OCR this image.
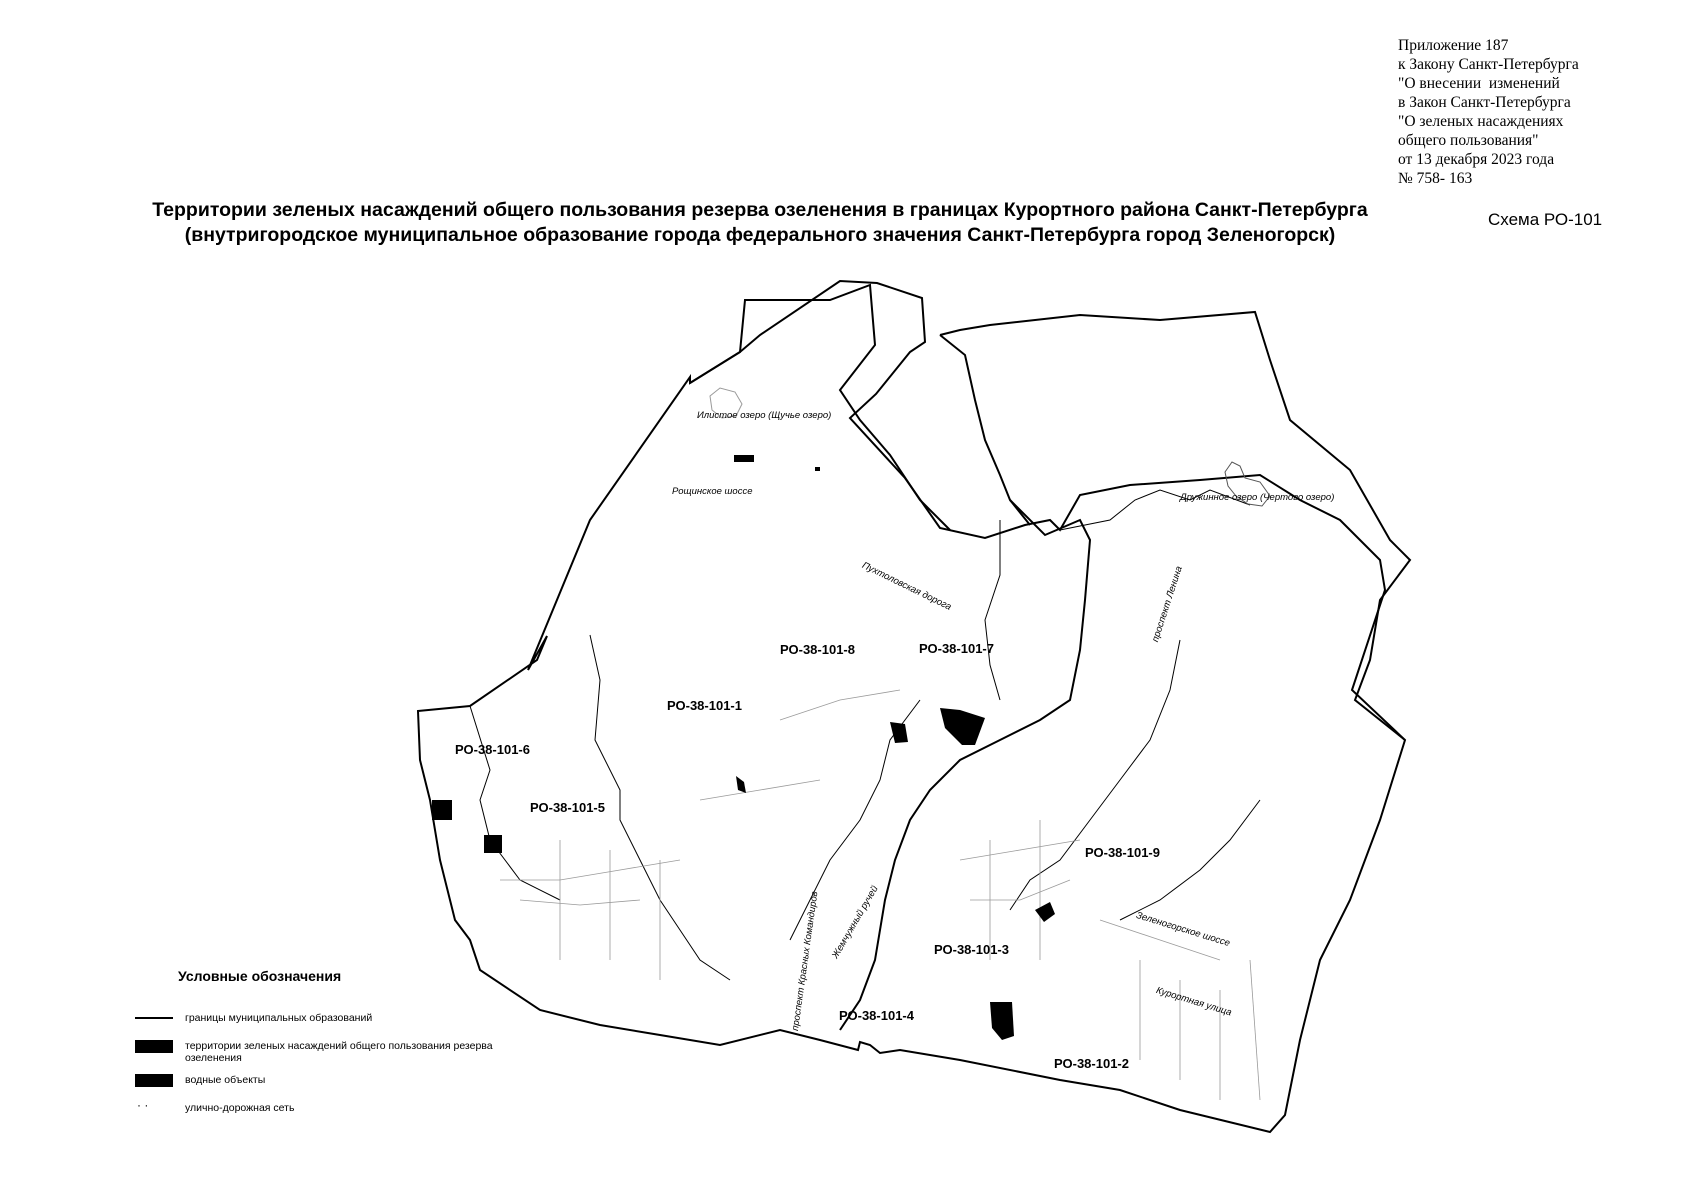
Приложение 187
к Закону Санкт-Петербурга
"О внесении  изменений
в Закон Санкт-Петербурга
"О зеленых насаждениях
общего пользования"
от 13 декабря 2023 года
№ 758- 163
Территории зеленых насаждений общего пользования резерва озеленения в границах Курортного района Санкт-Петербурга
(внутригородское муниципальное образование города федерального значения Санкт-Петербурга город Зеленогорск)
Схема РО-101
РО-38-101-1
РО-38-101-2
РО-38-101-3
РО-38-101-4
РО-38-101-5
РО-38-101-6
РО-38-101-7
РО-38-101-8
РО-38-101-9
Илистое озеро (Щучье озеро)
Рощинское шоссе
Пухтоловская дорога
Дружинное озеро (Чертово озеро)
проспект Ленина
Зеленогорское шоссе
Курортная улица
Жемчужный ручей
проспект Красных Командиров
Условные обозначения
границы муниципальных образований
территории зеленых насаждений общего пользования резерва озеленения
водные объекты
· ·
улично-дорожная сеть
